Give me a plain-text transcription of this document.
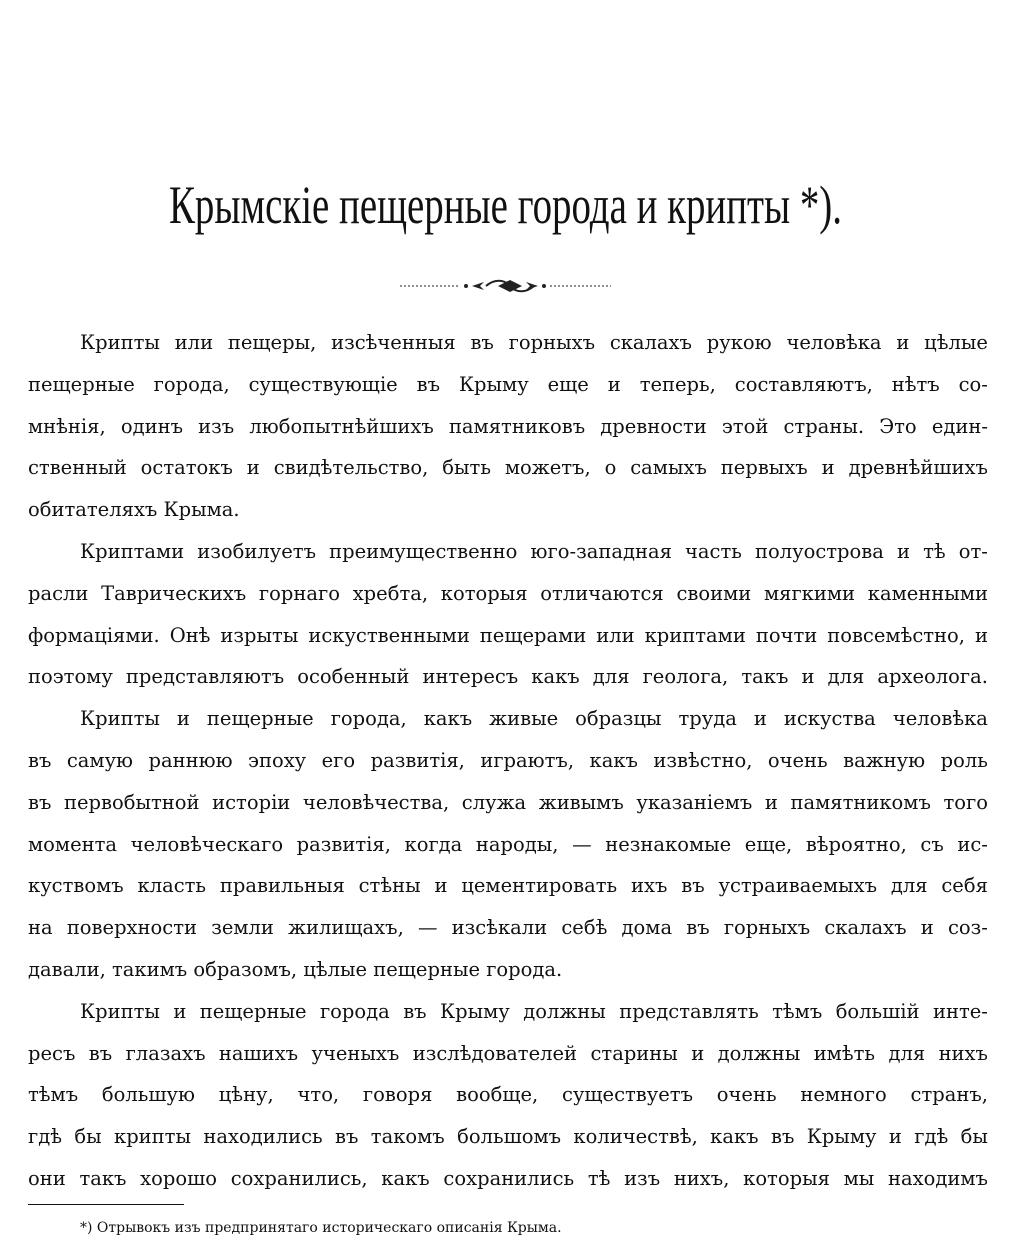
Крымскіе пещерные города и крипты *).
Крипты или пещеры, изсѣченныя въ горныхъ скалахъ рукою человѣка и цѣлые
пещерные города, существующіе въ Крыму еще и теперь, составляютъ, нѣтъ со-
мнѣнія, одинъ изъ любопытнѣйшихъ памятниковъ древности этой страны. Это един-
ственный остатокъ и свидѣтельство, быть можетъ, о самыхъ первыхъ и древнѣйшихъ
обитателяхъ Крыма.
Криптами изобилуетъ преимущественно юго-западная часть полуострова и тѣ от-
расли Таврическихъ горнаго хребта, которыя отличаются своими мягкими каменными
формацiями. Онѣ изрыты искуственными пещерами или криптами почти повсемѣстно, и
поэтому представляютъ особенный интересъ какъ для геолога, такъ и для археолога.
Крипты и пещерные города, какъ живые образцы труда и искуства человѣка
въ самую раннюю эпоху его развитія, играютъ, какъ извѣстно, очень важную роль
въ первобытной исторіи человѣчества, служа живымъ указаніемъ и памятникомъ того
момента человѣческаго развитія, когда народы, — незнакомые еще, вѣроятно, съ ис-
куствомъ класть правильныя стѣны и цементировать ихъ въ устраиваемыхъ для себя
на поверхности земли жилищахъ, — изсѣкали себѣ дома въ горныхъ скалахъ и соз-
давали, такимъ образомъ, цѣлые пещерные города.
Крипты и пещерные города въ Крыму должны представлять тѣмъ большій инте-
ресъ въ глазахъ нашихъ ученыхъ изслѣдователей старины и должны имѣть для нихъ
тѣмъ большую цѣну, что, говоря вообще, существуетъ очень немного странъ,
гдѣ бы крипты находились въ такомъ большомъ количествѣ, какъ въ Крыму и гдѣ бы
они такъ хорошо сохранились, какъ сохранились тѣ изъ нихъ, которыя мы находимъ
*) Отрывокъ изъ предпринятаго историческаго описанія Крыма.
